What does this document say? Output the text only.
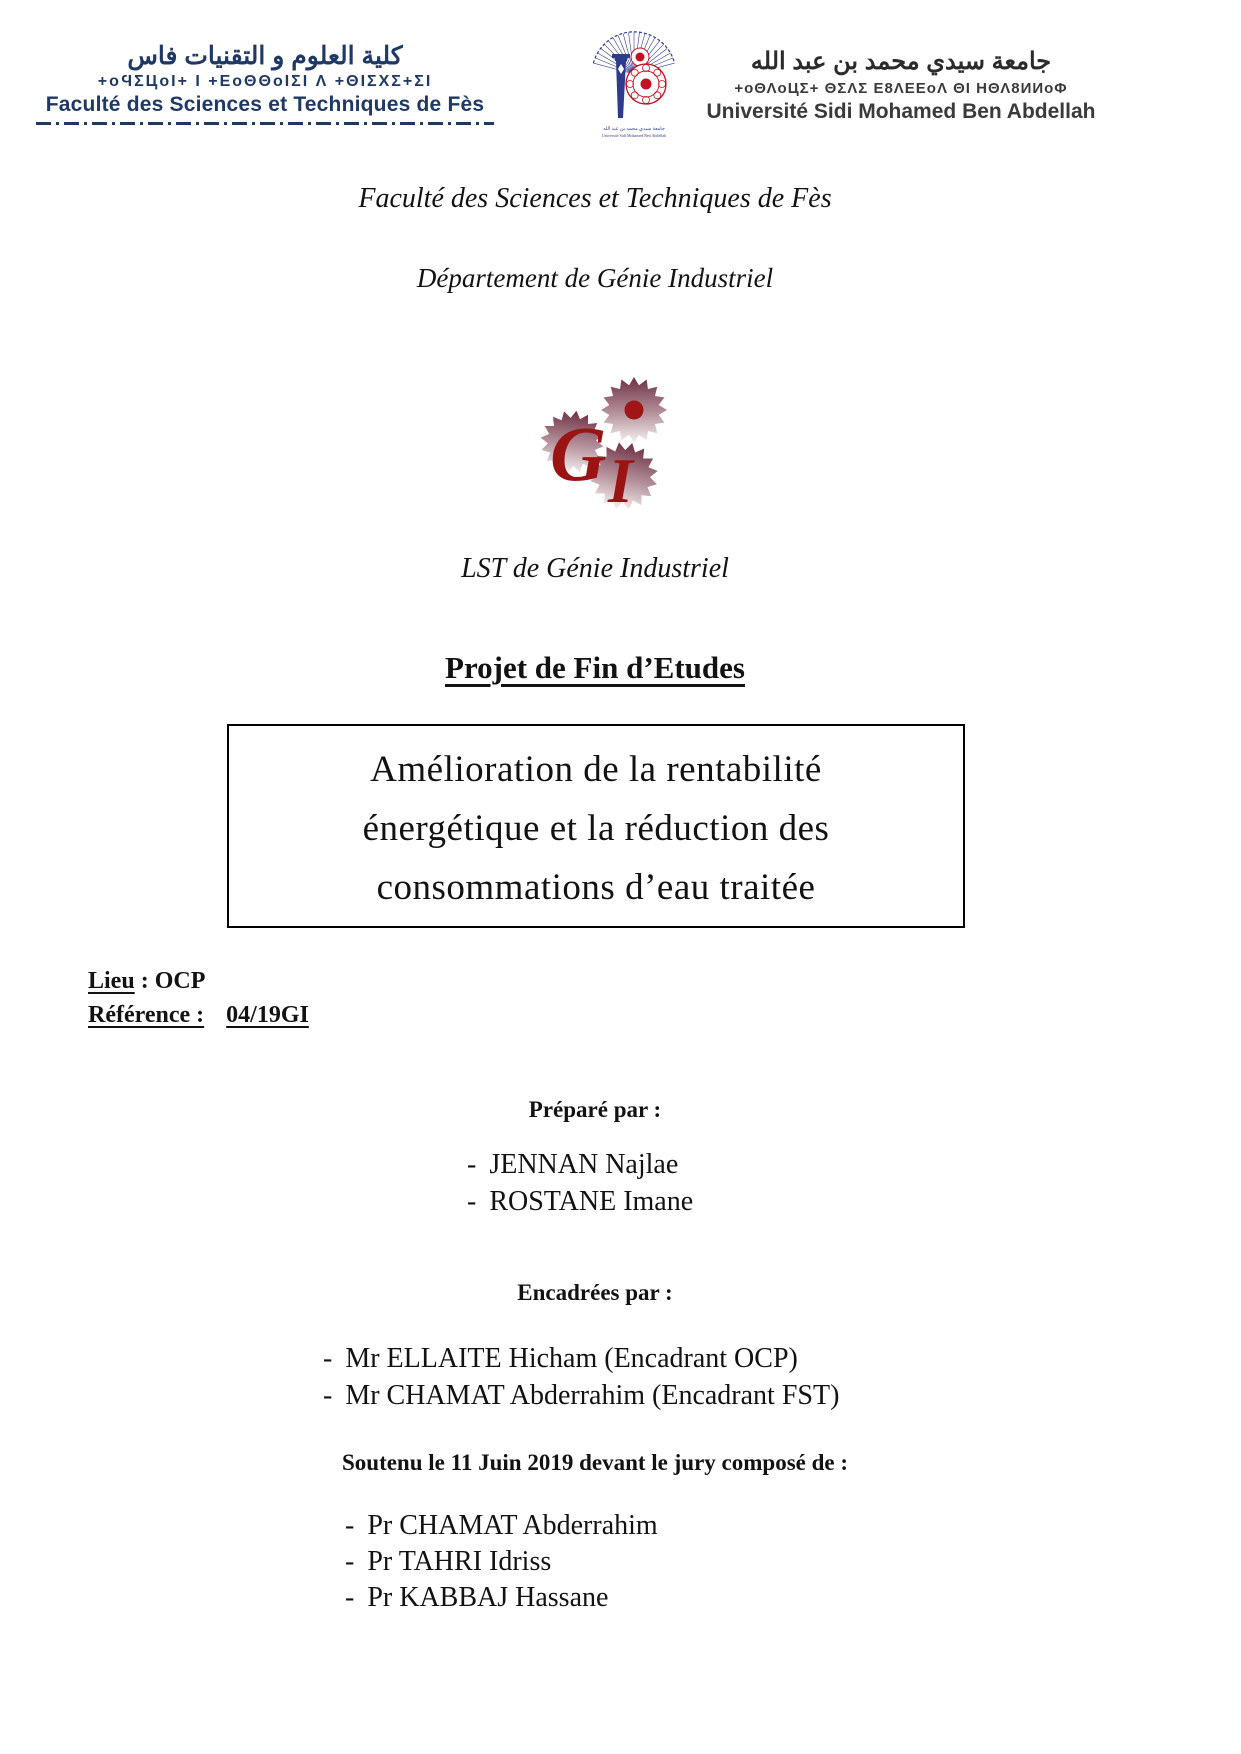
كلية العلوم و التقنيات فاس
+oϤΣЦoI+ I +ΕoΘΘoIΣI Λ +ΘIΣΧΣ+ΣI
Faculté des Sciences et Techniques de Fès
جامعة سيدي محمد بن عبد الله
Université Sidi Mohamed Ben Abdellah
جامعة سيدي محمد بن عبد الله
+oΘΛoЦΣ+ ΘΣΛΣ Ε8ΛΕΕoΛ ΘI ΗΘΛ8ИИoΦ
Université Sidi Mohamed Ben Abdellah
Faculté des Sciences et Techniques de Fès
Département de Génie Industriel
G I
LST de Génie Industriel
Projet de Fin d’Etudes
Amélioration de la rentabilité
énergétique et la réduction des
consommations d’eau traitée
Lieu : OCP
Référence : 04/19GI
Préparé par :
- JENNAN Najlae
- ROSTANE Imane
Encadrées par :
- Mr ELLAITE Hicham (Encadrant OCP)
- Mr CHAMAT Abderrahim (Encadrant FST)
Soutenu le 11 Juin 2019 devant le jury composé de :
- Pr CHAMAT Abderrahim
- Pr TAHRI Idriss
- Pr KABBAJ Hassane
